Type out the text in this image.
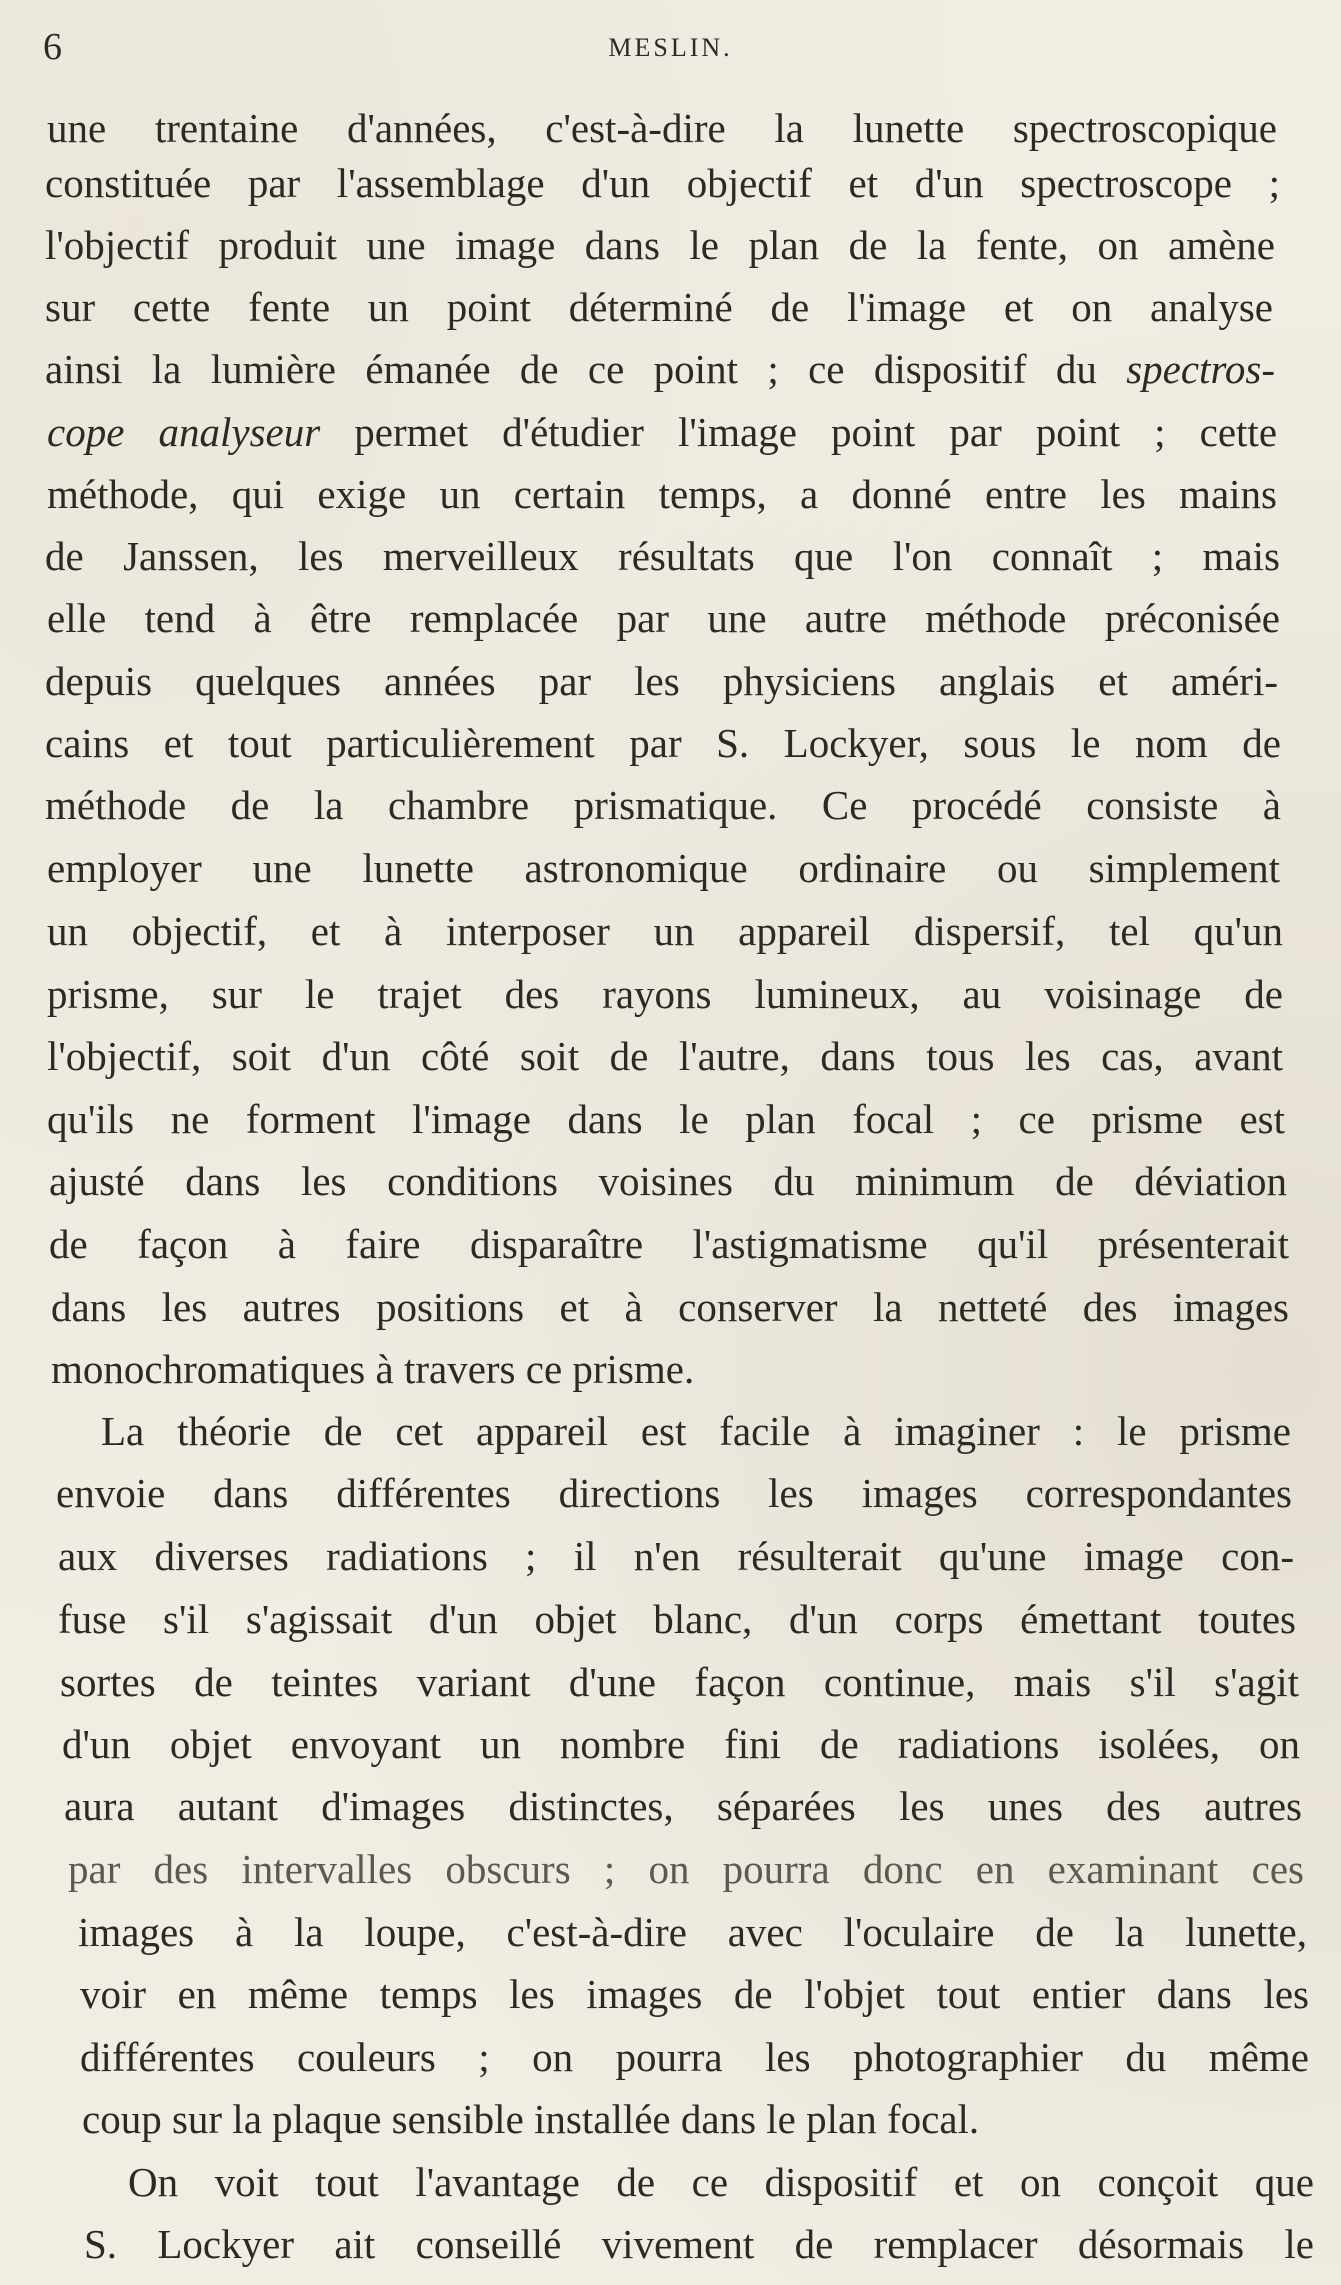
6	MESLIN.
une trentaine d'années, c'est-à-dire la lunette spectroscopique
constituée par l'assemblage d'un objectif et d'un spectroscope ;
l'objectif produit une image dans le plan de la fente, on amène
sur cette fente un point déterminé de l'image et on analyse
ainsi la lumière émanée de ce point ; ce dispositif du spectros-
cope analyseur permet d'étudier l'image point par point ; cette
méthode, qui exige un certain temps, a donné entre les mains
de Janssen, les merveilleux résultats que l'on connaît ; mais
elle tend à être remplacée par une autre méthode préconisée
depuis quelques années par les physiciens anglais et améri-
cains et tout particulièrement par S. Lockyer, sous le nom de
méthode de la chambre prismatique. Ce procédé consiste à
employer une lunette astronomique ordinaire ou simplement
un objectif, et à interposer un appareil dispersif, tel qu'un
prisme, sur le trajet des rayons lumineux, au voisinage de
l'objectif, soit d'un côté soit de l'autre, dans tous les cas, avant
qu'ils ne forment l'image dans le plan focal ; ce prisme est
ajusté dans les conditions voisines du minimum de déviation
de façon à faire disparaître l'astigmatisme qu'il présenterait
dans les autres positions et à conserver la netteté des images
monochromatiques à travers ce prisme.
La théorie de cet appareil est facile à imaginer : le prisme
envoie dans différentes directions les images correspondantes
aux diverses radiations ; il n'en résulterait qu'une image con-
fuse s'il s'agissait d'un objet blanc, d'un corps émettant toutes
sortes de teintes variant d'une façon continue, mais s'il s'agit
d'un objet envoyant un nombre fini de radiations isolées, on
aura autant d'images distinctes, séparées les unes des autres
par des intervalles obscurs ; on pourra donc en examinant ces
images à la loupe, c'est-à-dire avec l'oculaire de la lunette,
voir en même temps les images de l'objet tout entier dans les
différentes couleurs ; on pourra les photographier du même
coup sur la plaque sensible installée dans le plan focal.
On voit tout l'avantage de ce dispositif et on conçoit que
S. Lockyer ait conseillé vivement de remplacer désormais le
